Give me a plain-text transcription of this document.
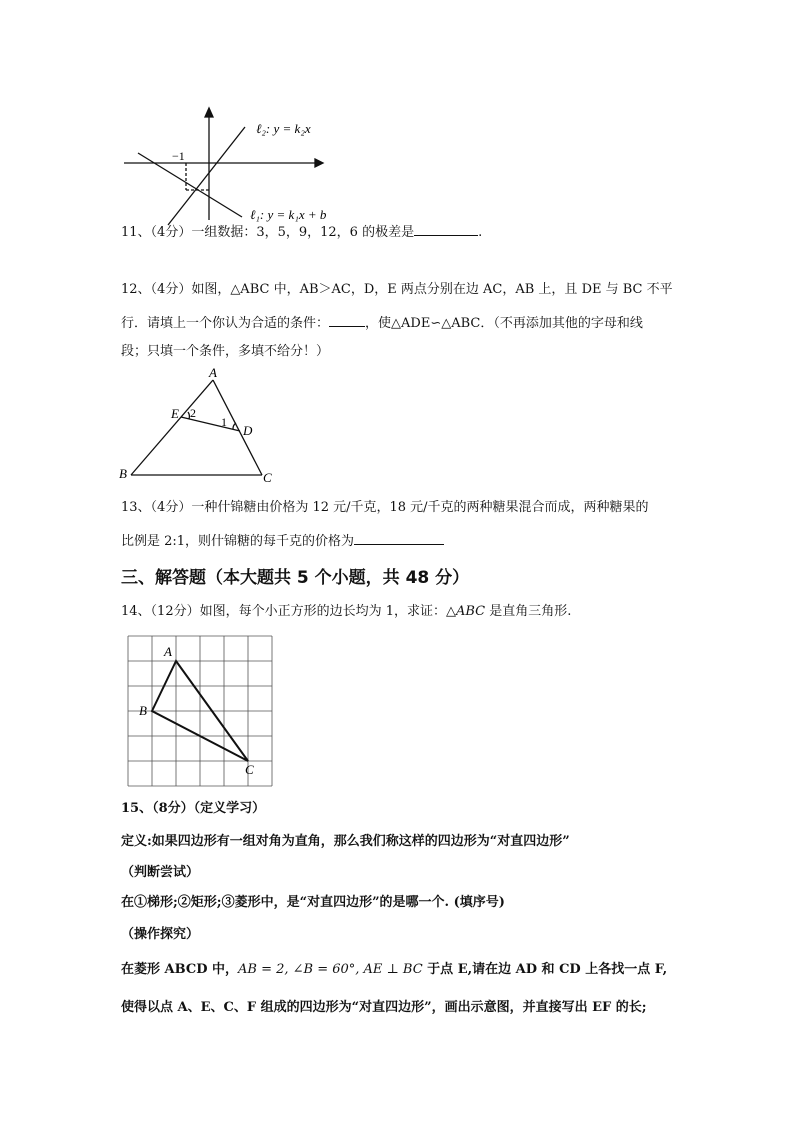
−1
ℓ₂: y = k₂x
ℓ₁: y = k₁x + b
11、（4分）一组数据：3，5，9，12，6 的极差是	.
12、（4分）如图，△ABC 中，AB＞AC，D，E 两点分别在边 AC，AB 上，且 DE 与 BC 不平
行．请填上一个你认为合适的条件：	，使△ADE∽△ABC．（不再添加其他的字母和线
段；只填一个条件，多填不给分！）
A
B	C
D
E
1
2
13、（4分）一种什锦糖由价格为 12 元/千克，18 元/千克的两种糖果混合而成，两种糖果的
比例是 2:1，则什锦糖的每千克的价格为
三、解答题（本大题共 5 个小题，共 48 分）
14、（12分）如图，每个小正方形的边长均为 1，求证：△ABC 是直角三角形.
A
B
C
15、（8分）（定义学习）
定义:如果四边形有一组对角为直角，那么我们称这样的四边形为“对直四边形”
（判断尝试）
在①梯形;②矩形;③菱形中，是“对直四边形”的是哪一个. (填序号)
（操作探究）
在菱形 ABCD 中，AB = 2, ∠B = 60°, AE ⊥ BC 于点 E,请在边 AD 和 CD 上各找一点 F,
使得以点 A、E、C、F 组成的四边形为“对直四边形”，画出示意图，并直接写出 EF 的长;
